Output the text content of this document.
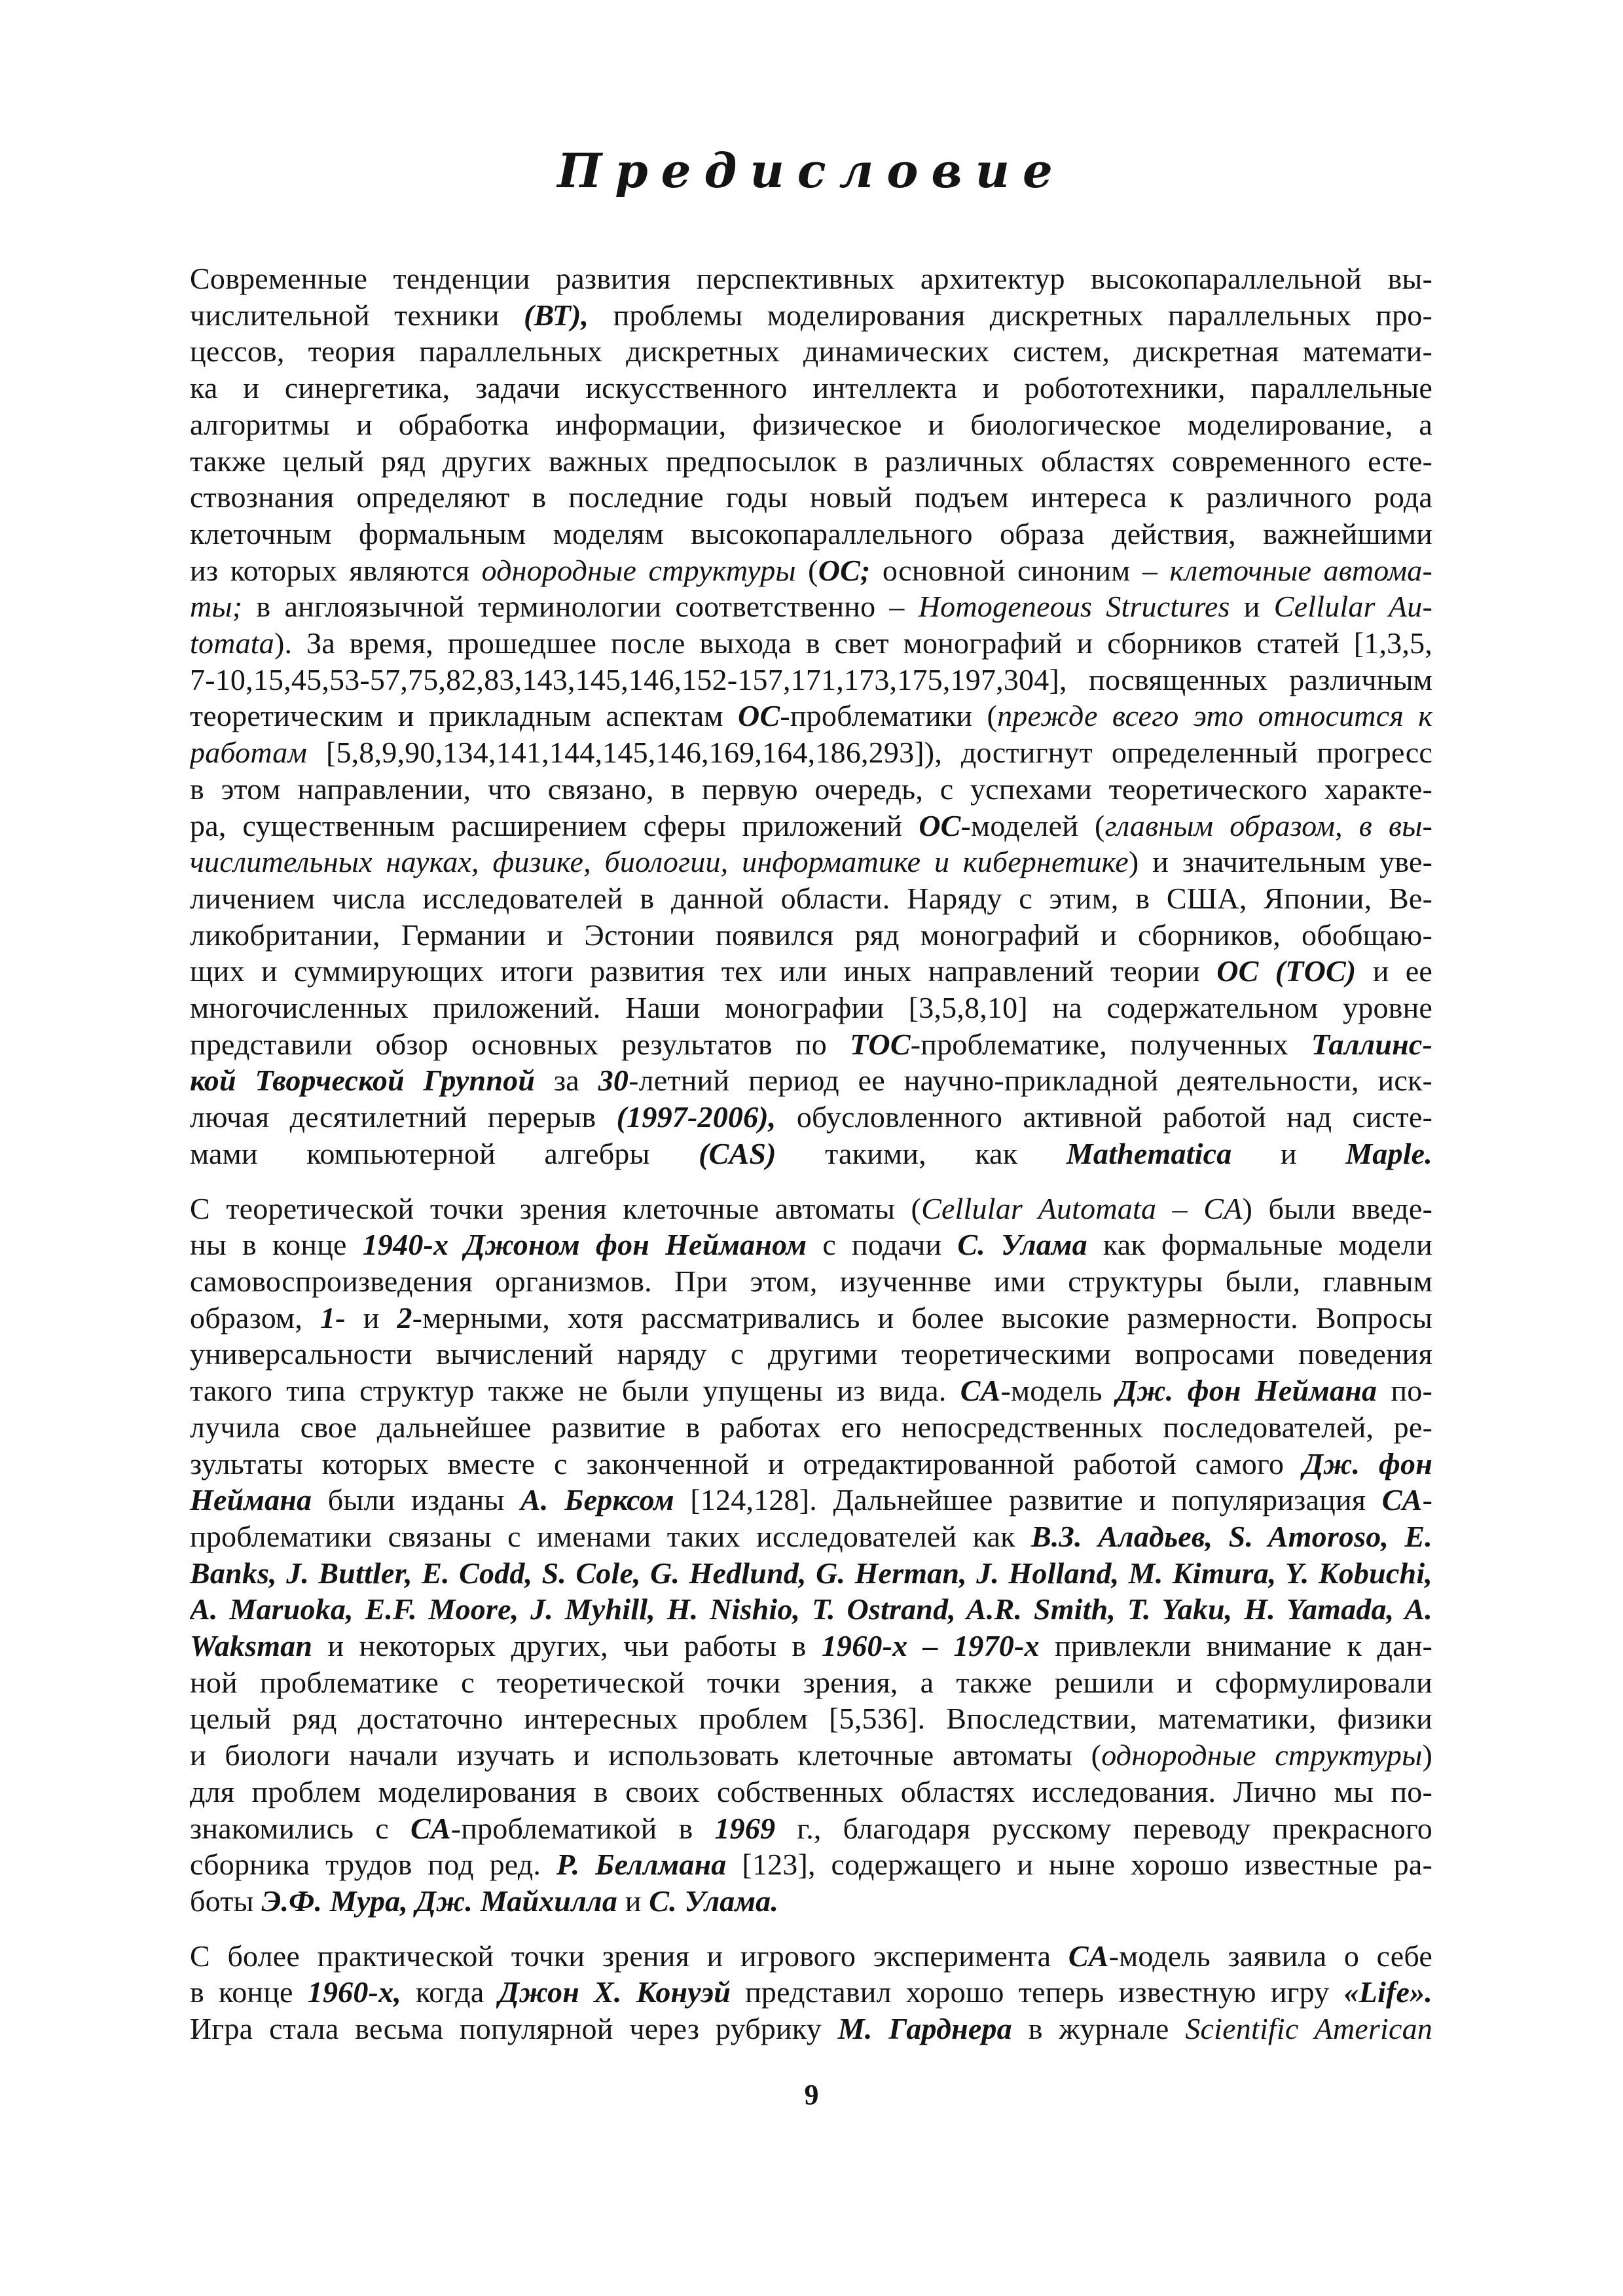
Предисловие

Современные тенденции развития перспективных архитектур высокопараллельной вы-
числительной техники (ВТ), проблемы моделирования дискретных параллельных про-
цессов, теория параллельных дискретных динамических систем, дискретная математи-
ка и синергетика, задачи искусственного интеллекта и робототехники, параллельные
алгоритмы и обработка информации, физическое и биологическое моделирование, а
также целый ряд других важных предпосылок в различных областях современного есте-
ствознания определяют в последние годы новый подъем интереса к различного рода
клеточным формальным моделям высокопараллельного образа действия, важнейшими
из которых являются однородные структуры (ОС; основной синоним – клеточные автома-
ты; в англоязычной терминологии соответственно – Homogeneous Structures и Cellular Au-
tomata). За время, прошедшее после выхода в свет монографий и сборников статей [1,3,5,
7-10,15,45,53-57,75,82,83,143,145,146,152-157,171,173,175,197,304], посвященных различным
теоретическим и прикладным аспектам ОС-проблематики (прежде всего это относится к
работам [5,8,9,90,134,141,144,145,146,169,164,186,293]), достигнут определенный прогресс
в этом направлении, что связано, в первую очередь, с успехами теоретического характе-
ра, существенным расширением сферы приложений ОС-моделей (главным образом, в вы-
числительных науках, физике, биологии, информатике и кибернетике) и значительным уве-
личением числа исследователей в данной области. Наряду с этим, в США, Японии, Ве-
ликобритании, Германии и Эстонии появился ряд монографий и сборников, обобщаю-
щих и суммирующих итоги развития тех или иных направлений теории ОС (ТОС) и ее
многочисленных приложений. Наши монографии [3,5,8,10] на содержательном уровне
представили обзор основных результатов по ТОС-проблематике, полученных Таллинс-
кой Творческой Группой за 30-летний период ее научно-прикладной деятельности, иск-
лючая десятилетний перерыв (1997-2006), обусловленного активной работой над систе-
мами компьютерной алгебры (CAS) такими, как Mathematica и Maple.

С теоретической точки зрения клеточные автоматы (Cellular Automata – CA) были введе-
ны в конце 1940-х Джоном фон Нейманом с подачи С. Улама как формальные модели
самовоспроизведения организмов. При этом, изученнве ими структуры были, главным
образом, 1- и 2-мерными, хотя рассматривались и более высокие размерности. Вопросы
универсальности вычислений наряду с другими теоретическими вопросами поведения
такого типа структур также не были упущены из вида. CA-модель Дж. фон Неймана по-
лучила свое дальнейшее развитие в работах его непосредственных последователей, ре-
зультаты которых вместе с законченной и отредактированной работой самого Дж. фон
Неймана были изданы А. Берксом [124,128]. Дальнейшее развитие и популяризация CA-
проблематики связаны с именами таких исследователей как В.З. Аладьев, S. Amoroso, E.
Banks, J. Buttler, E. Codd, S. Cole, G. Hedlund, G. Herman, J. Holland, M. Kimura, Y. Kobuchi,
A. Maruoka, E.F. Moore, J. Myhill, H. Nishio, T. Ostrand, A.R. Smith, T. Yaku, H. Yamada, A.
Waksman и некоторых других, чьи работы в 1960-х – 1970-х привлекли внимание к дан-
ной проблематике с теоретической точки зрения, а также решили и сформулировали
целый ряд достаточно интересных проблем [5,536]. Впоследствии, математики, физики
и биологи начали изучать и использовать клеточные автоматы (однородные структуры)
для проблем моделирования в своих собственных областях исследования. Лично мы по-
знакомились с CA-проблематикой в 1969 г., благодаря русскому переводу прекрасного
сборника трудов под ред. Р. Беллмана [123], содержащего и ныне хорошо известные ра-
боты Э.Ф. Мура, Дж. Майхилла и С. Улама.

С более практической точки зрения и игрового эксперимента CA-модель заявила о себе
в конце 1960-х, когда Джон Х. Конуэй представил хорошо теперь известную игру «Life».
Игра стала весьма популярной через рубрику М. Гарднера в журнале Scientific American

9
